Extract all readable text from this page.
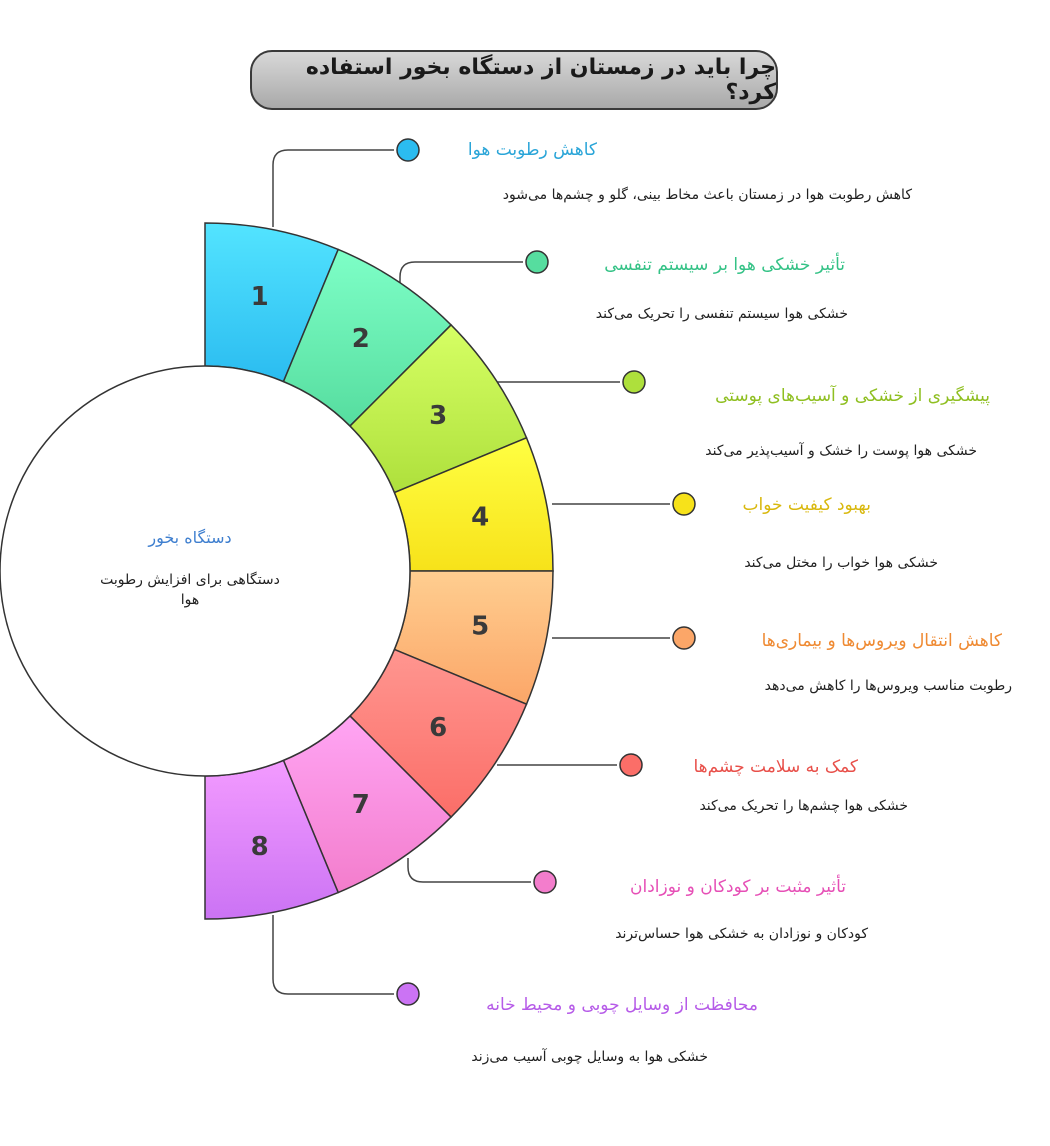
1
2
3
4
5
6
7
8
چرا باید در زمستان از دستگاه بخور استفاده کرد؟
دستگاه بخور
دستگاهی برای افزایش رطوبت هوا
کاهش رطوبت هوا
کاهش رطوبت هوا در زمستان باعث مخاط بینی، گلو و چشم‌ها می‌شود
تأثیر خشکی هوا بر سیستم تنفسی
خشکی هوا سیستم تنفسی را تحریک می‌کند
پیشگیری از خشکی و آسیب‌های پوستی
خشکی هوا پوست را خشک و آسیب‌پذیر می‌کند
بهبود کیفیت خواب
خشکی هوا خواب را مختل می‌کند
کاهش انتقال ویروس‌ها و بیماری‌ها
رطوبت مناسب ویروس‌ها را کاهش می‌دهد
کمک به سلامت چشم‌ها
خشکی هوا چشم‌ها را تحریک می‌کند
تأثیر مثبت بر کودکان و نوزادان
کودکان و نوزادان به خشکی هوا حساس‌ترند
محافظت از وسایل چوبی و محیط خانه
خشکی هوا به وسایل چوبی آسیب می‌زند
